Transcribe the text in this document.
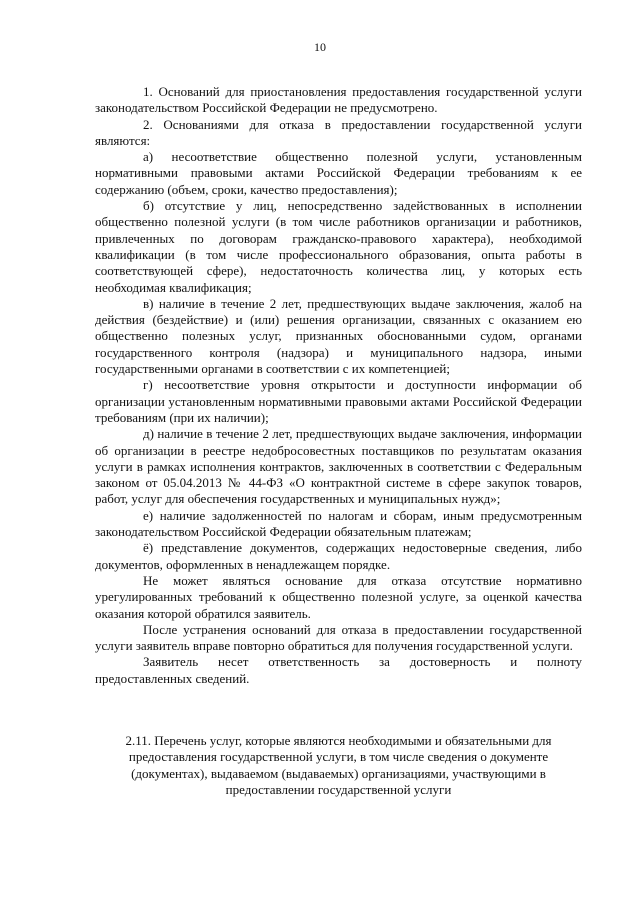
10

1. Оснований для приостановления предоставления государственной услуги законодательством Российской Федерации не предусмотрено.

2. Основаниями для отказа в предоставлении государственной услуги являются:

а) несоответствие общественно полезной услуги, установленным нормативными правовыми актами Российской Федерации требованиям к ее содержанию (объем, сроки, качество предоставления);

б) отсутствие у лиц, непосредственно задействованных в исполнении общественно полезной услуги (в том числе работников организации и работников, привлеченных по договорам гражданско-правового характера), необходимой квалификации (в том числе профессионального образования, опыта работы в соответствующей сфере), недостаточность количества лиц, у которых есть необходимая квалификация;

в) наличие в течение 2 лет, предшествующих выдаче заключения, жалоб на действия (бездействие) и (или) решения организации, связанных с оказанием ею общественно полезных услуг, признанных обоснованными судом, органами государственного контроля (надзора) и муниципального надзора, иными государственными органами в соответствии с их компетенцией;

г) несоответствие уровня открытости и доступности информации об организации установленным нормативными правовыми актами Российской Федерации требованиям (при их наличии);

д) наличие в течение 2 лет, предшествующих выдаче заключения, информации об организации в реестре недобросовестных поставщиков по результатам оказания услуги в рамках исполнения контрактов, заключенных в соответствии с Федеральным законом от 05.04.2013 № 44-ФЗ «О контрактной системе в сфере закупок товаров, работ, услуг для обеспечения государственных и муниципальных нужд»;

е) наличие задолженностей по налогам и сборам, иным предусмотренным законодательством Российской Федерации обязательным платежам;

ё) представление документов, содержащих недостоверные сведения, либо документов, оформленных в ненадлежащем порядке.

Не может являться основание для отказа отсутствие нормативно урегулированных требований к общественно полезной услуге, за оценкой качества оказания которой обратился заявитель.

После устранения оснований для отказа в предоставлении государственной услуги заявитель вправе повторно обратиться для получения государственной услуги.

Заявитель несет ответственность за достоверность и полноту предоставленных сведений.

2.11. Перечень услуг, которые являются необходимыми и обязательными для

предоставления государственной услуги, в том числе сведения о документе

(документах), выдаваемом (выдаваемых) организациями, участвующими в

предоставлении государственной услуги
